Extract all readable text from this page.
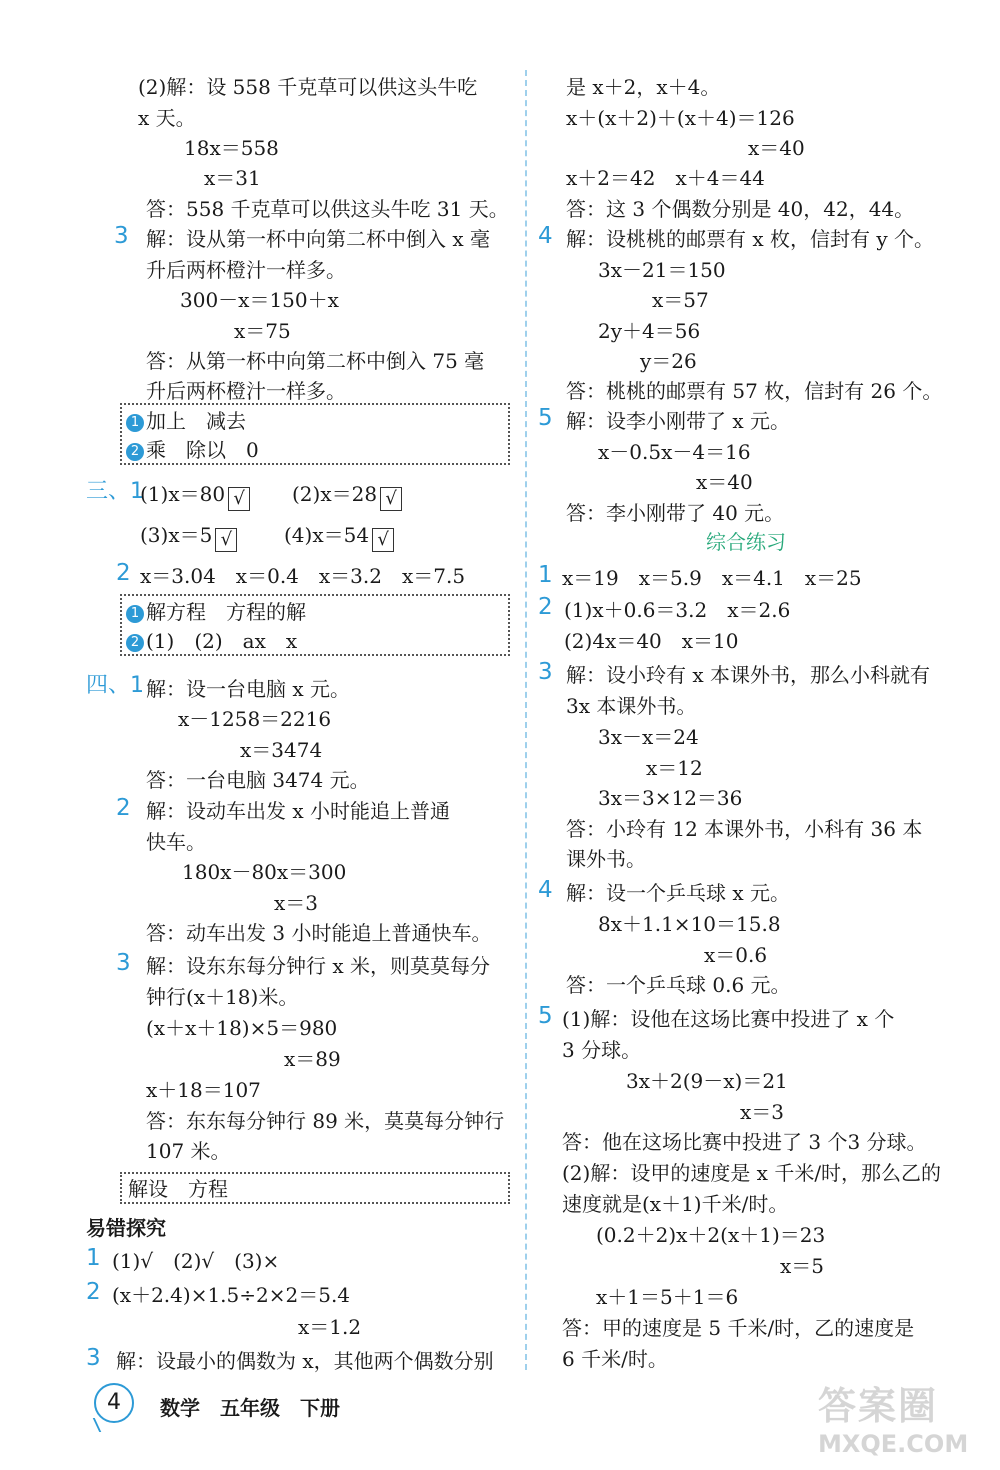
(2)解：设 558 千克草可以供这头牛吃
x 天。
18x＝558
x＝31
答：558 千克草可以供这头牛吃 31 天。
3 解：设从第一杯中向第二杯中倒入 x 毫
升后两杯橙汁一样多。
300－x＝150＋x
x＝75
答：从第一杯中向第二杯中倒入 75 毫
升后两杯橙汁一样多。
1 加上　减去
2 乘　除以　0
三、1
(1)x＝80 √ (2)x＝28 √
(3)x＝5 √	(4)x＝54 √
2 x＝3.04　x＝0.4　x＝3.2　x＝7.5
1 解方程　方程的解
2 (1)　(2)　ax　x
四、1 解：设一台电脑 x 元。
x－1258＝2216
x＝3474
答：一台电脑 3474 元。
2 解：设动车出发 x 小时能追上普通
快车。
180x－80x＝300
x＝3
答：动车出发 3 小时能追上普通快车。
3 解：设东东每分钟行 x 米，则莫莫每分
钟行(x＋18)米。
(x＋x＋18)×5＝980
x＝89
x＋18＝107
答：东东每分钟行 89 米，莫莫每分钟行
107 米。
解设　方程
易错探究
1 (1)√　(2)√　(3)×
2 (x＋2.4)×1.5÷2×2＝5.4
x＝1.2
3 解：设最小的偶数为 x，其他两个偶数分别
是 x＋2，x＋4。
x＋(x＋2)＋(x＋4)＝126
x＝40
x＋2＝42　x＋4＝44
答：这 3 个偶数分别是 40，42，44。
4 解：设桃桃的邮票有 x 枚，信封有 y 个。
3x－21＝150
x＝57
2y＋4＝56
y＝26
答：桃桃的邮票有 57 枚，信封有 26 个。
5 解：设李小刚带了 x 元。
x－0.5x－4＝16
x＝40
答：李小刚带了 40 元。
综合练习
1 x＝19　x＝5.9　x＝4.1　x＝25
2 (1)x＋0.6＝3.2　x＝2.6
(2)4x＝40　x＝10
3 解：设小玲有 x 本课外书，那么小科就有
3x 本课外书。
3x－x＝24
x＝12
3x＝3×12＝36
答：小玲有 12 本课外书，小科有 36 本
课外书。
4 解：设一个乒乓球 x 元。
8x＋1.1×10＝15.8
x＝0.6
答：一个乒乓球 0.6 元。
5 (1)解：设他在这场比赛中投进了 x 个
3 分球。
3x＋2(9－x)＝21
x＝3
答：他在这场比赛中投进了 3 个3 分球。
(2)解：设甲的速度是 x 千米/时，那么乙的
速度就是(x＋1)千米/时。
(0.2＋2)x＋2(x＋1)＝23
x＝5
x＋1＝5＋1＝6
答：甲的速度是 5 千米/时，乙的速度是
6 千米/时。
4	数学　五年级　下册	答案圈
MXQE.COM
